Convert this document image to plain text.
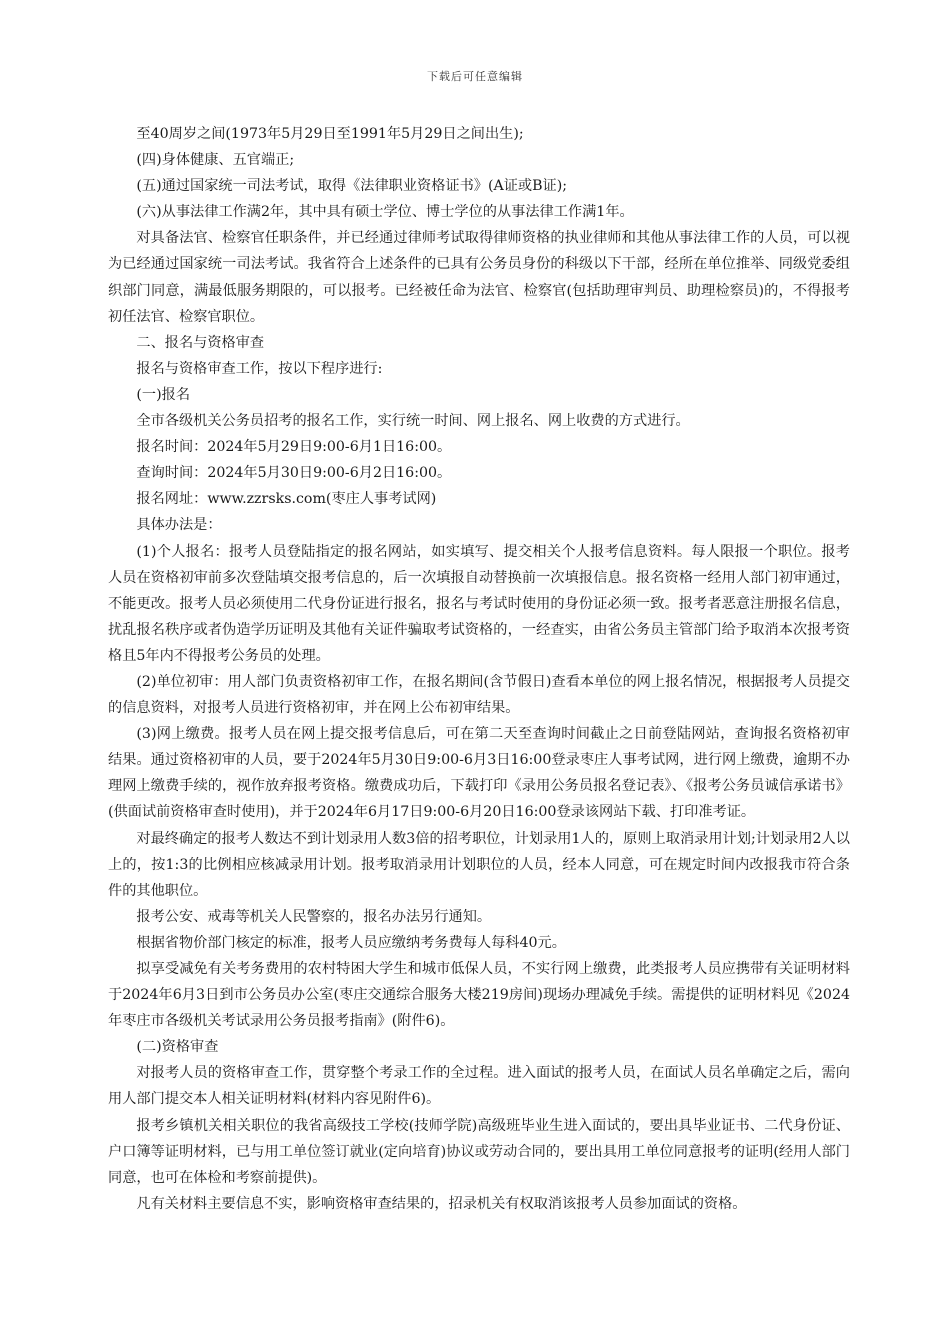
下载后可任意编辑

至40周岁之间(1973年5月29日至1991年5月29日之间出生);

(四)身体健康、五官端正;

(五)通过国家统一司法考试，取得《法律职业资格证书》(A证或B证);

(六)从事法律工作满2年，其中具有硕士学位、博士学位的从事法律工作满1年。

对具备法官、检察官任职条件，并已经通过律师考试取得律师资格的执业律师和其他从事法律工作的人员，可以视为已经通过国家统一司法考试。我省符合上述条件的已具有公务员身份的科级以下干部，经所在单位推举、同级党委组织部门同意，满最低服务期限的，可以报考。已经被任命为法官、检察官(包括助理审判员、助理检察员)的，不得报考初任法官、检察官职位。

二、报名与资格审查

报名与资格审查工作，按以下程序进行:

(一)报名

全市各级机关公务员招考的报名工作，实行统一时间、网上报名、网上收费的方式进行。

报名时间：2024年5月29日9:00-6月1日16:00。

查询时间：2024年5月30日9:00-6月2日16:00。

报名网址：www.zzrsks.com(枣庄人事考试网)

具体办法是：

(1)个人报名：报考人员登陆指定的报名网站，如实填写、提交相关个人报考信息资料。每人限报一个职位。报考人员在资格初审前多次登陆填交报考信息的，后一次填报自动替换前一次填报信息。报名资格一经用人部门初审通过，不能更改。报考人员必须使用二代身份证进行报名，报名与考试时使用的身份证必须一致。报考者恶意注册报名信息，扰乱报名秩序或者伪造学历证明及其他有关证件骗取考试资格的，一经查实，由省公务员主管部门给予取消本次报考资格且5年内不得报考公务员的处理。

(2)单位初审：用人部门负责资格初审工作，在报名期间(含节假日)查看本单位的网上报名情况，根据报考人员提交的信息资料，对报考人员进行资格初审，并在网上公布初审结果。

(3)网上缴费。报考人员在网上提交报考信息后，可在第二天至查询时间截止之日前登陆网站，查询报名资格初审结果。通过资格初审的人员，要于2024年5月30日9:00-6月3日16:00登录枣庄人事考试网，进行网上缴费，逾期不办理网上缴费手续的，视作放弃报考资格。缴费成功后，下载打印《录用公务员报名登记表》、《报考公务员诚信承诺书》(供面试前资格审查时使用)，并于2024年6月17日9:00-6月20日16:00登录该网站下载、打印准考证。

对最终确定的报考人数达不到计划录用人数3倍的招考职位，计划录用1人的，原则上取消录用计划;计划录用2人以上的，按1:3的比例相应核减录用计划。报考取消录用计划职位的人员，经本人同意，可在规定时间内改报我市符合条件的其他职位。

报考公安、戒毒等机关人民警察的，报名办法另行通知。

根据省物价部门核定的标准，报考人员应缴纳考务费每人每科40元。

拟享受减免有关考务费用的农村特困大学生和城市低保人员，不实行网上缴费，此类报考人员应携带有关证明材料于2024年6月3日到市公务员办公室(枣庄交通综合服务大楼219房间)现场办理减免手续。需提供的证明材料见《2024年枣庄市各级机关考试录用公务员报考指南》(附件6)。

(二)资格审查

对报考人员的资格审查工作，贯穿整个考录工作的全过程。进入面试的报考人员，在面试人员名单确定之后，需向用人部门提交本人相关证明材料(材料内容见附件6)。

报考乡镇机关相关职位的我省高级技工学校(技师学院)高级班毕业生进入面试的，要出具毕业证书、二代身份证、户口簿等证明材料，已与用工单位签订就业(定向培育)协议或劳动合同的，要出具用工单位同意报考的证明(经用人部门同意，也可在体检和考察前提供)。

凡有关材料主要信息不实，影响资格审查结果的，招录机关有权取消该报考人员参加面试的资格。
